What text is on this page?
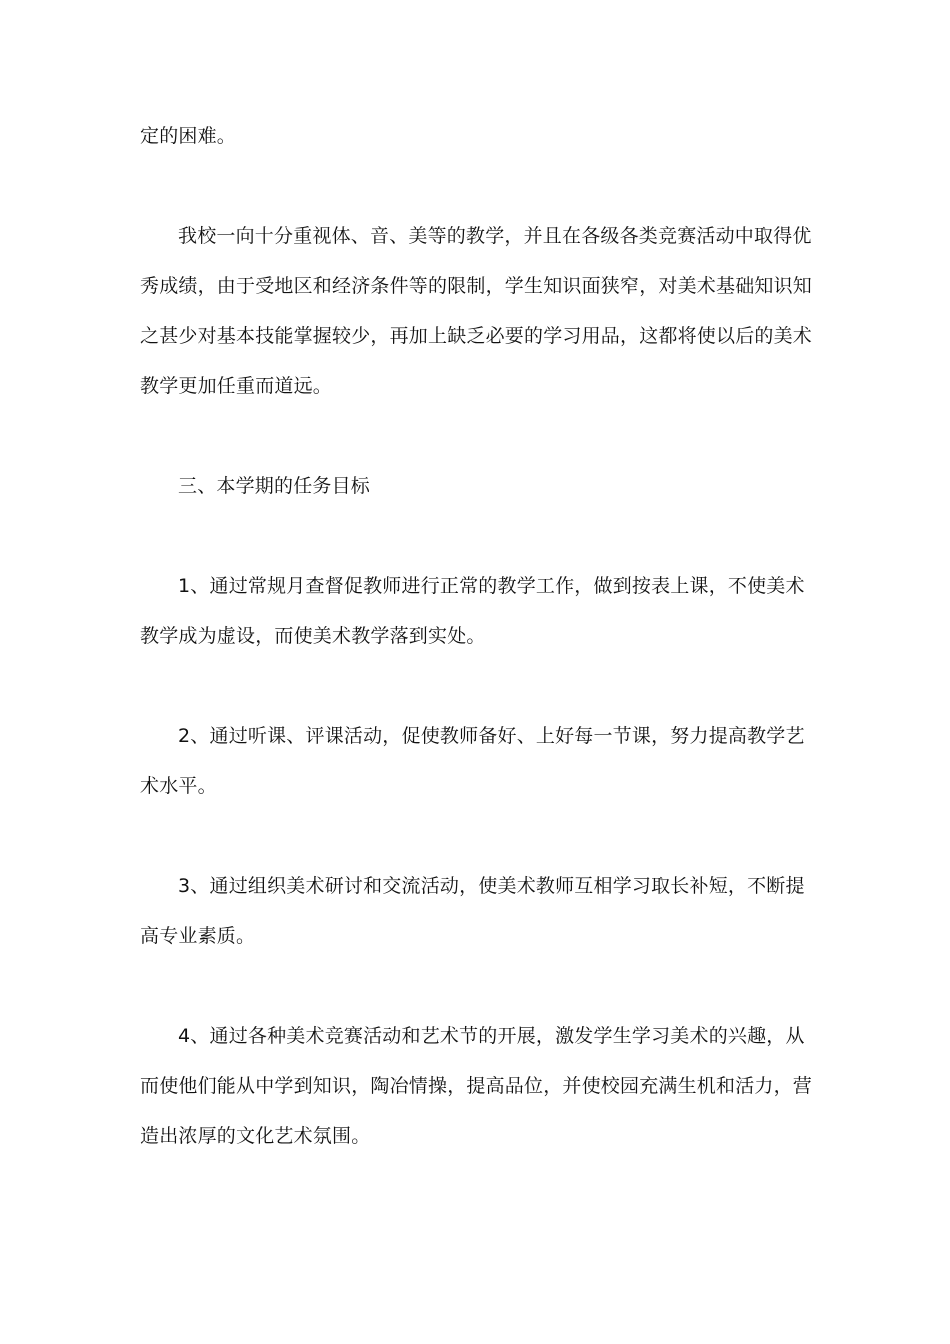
定的困难。
我校一向十分重视体、音、美等的教学，并且在各级各类竞赛活动中取得优
秀成绩，由于受地区和经济条件等的限制，学生知识面狭窄，对美术基础知识知
之甚少对基本技能掌握较少，再加上缺乏必要的学习用品，这都将使以后的美术
教学更加任重而道远。
三、本学期的任务目标
1、通过常规月查督促教师进行正常的教学工作，做到按表上课，不使美术
教学成为虚设，而使美术教学落到实处。
2、通过听课、评课活动，促使教师备好、上好每一节课，努力提高教学艺
术水平。
3、通过组织美术研讨和交流活动，使美术教师互相学习取长补短，不断提
高专业素质。
4、通过各种美术竞赛活动和艺术节的开展，激发学生学习美术的兴趣，从
而使他们能从中学到知识，陶冶情操，提高品位，并使校园充满生机和活力，营
造出浓厚的文化艺术氛围。
